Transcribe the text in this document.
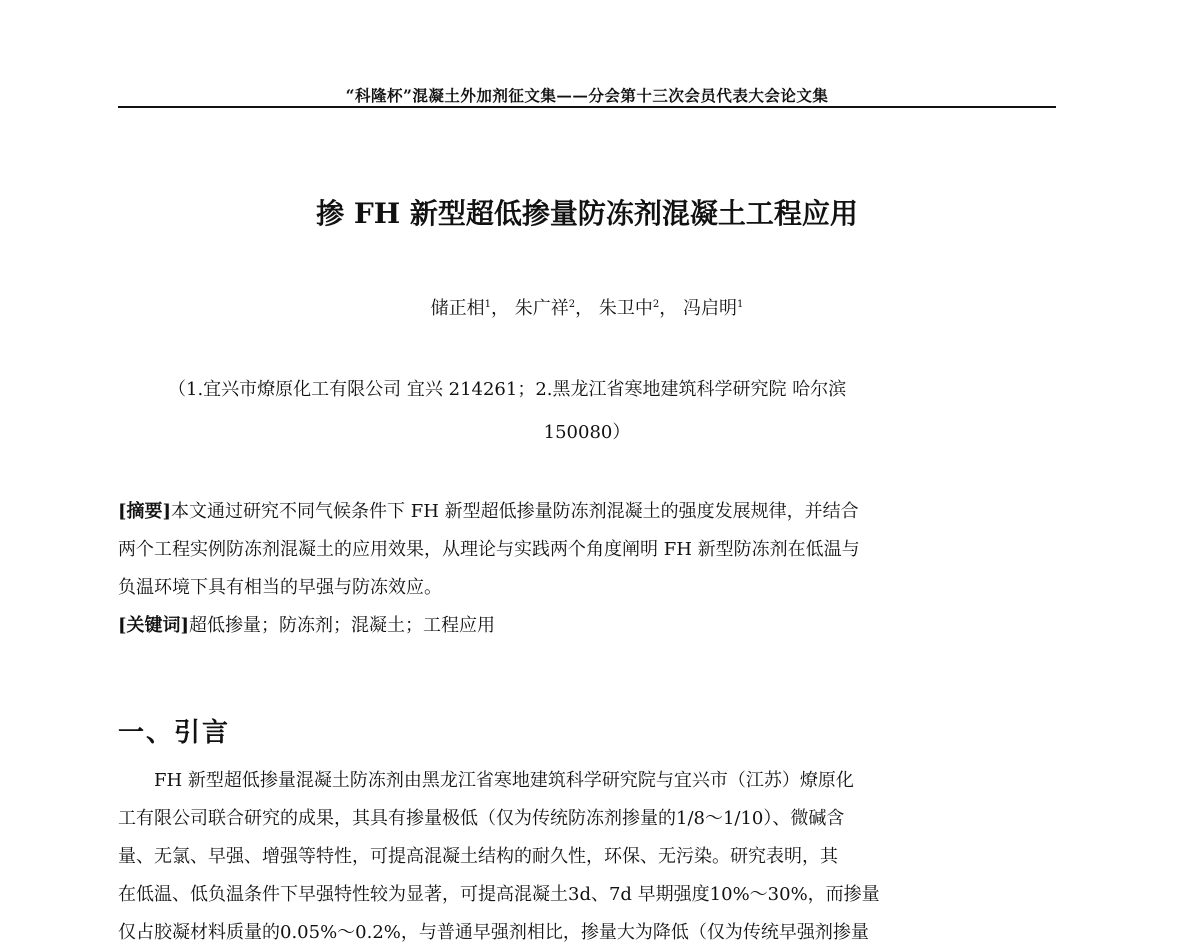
“科隆杯”混凝土外加剂征文集——分会第十三次会员代表大会论文集
掺 FH 新型超低掺量防冻剂混凝土工程应用
储正相$^1$， 朱广祥$^2$， 朱卫中$^2$， 冯启明$^1$
（1.宜兴市燎原化工有限公司 宜兴 214261；2.黑龙江省寒地建筑科学研究院 哈尔滨
150080）
[摘要]本文通过研究不同气候条件下 FH 新型超低掺量防冻剂混凝土的强度发展规律，并结合
两个工程实例防冻剂混凝土的应用效果，从理论与实践两个角度阐明 FH 新型防冻剂在低温与
负温环境下具有相当的早强与防冻效应。
[关键词]超低掺量；防冻剂；混凝土；工程应用
一、引言
FH 新型超低掺量混凝土防冻剂由黑龙江省寒地建筑科学研究院与宜兴市（江苏）燎原化
工有限公司联合研究的成果，其具有掺量极低（仅为传统防冻剂掺量的1/8～1/10）、微碱含
量、无氯、早强、增强等特性，可提高混凝土结构的耐久性，环保、无污染。研究表明，其
在低温、低负温条件下早强特性较为显著，可提高混凝土3d、7d 早期强度10%～30%，而掺量
仅占胶凝材料质量的0.05%～0.2%，与普通早强剂相比，掺量大为降低（仅为传统早强剂掺量
